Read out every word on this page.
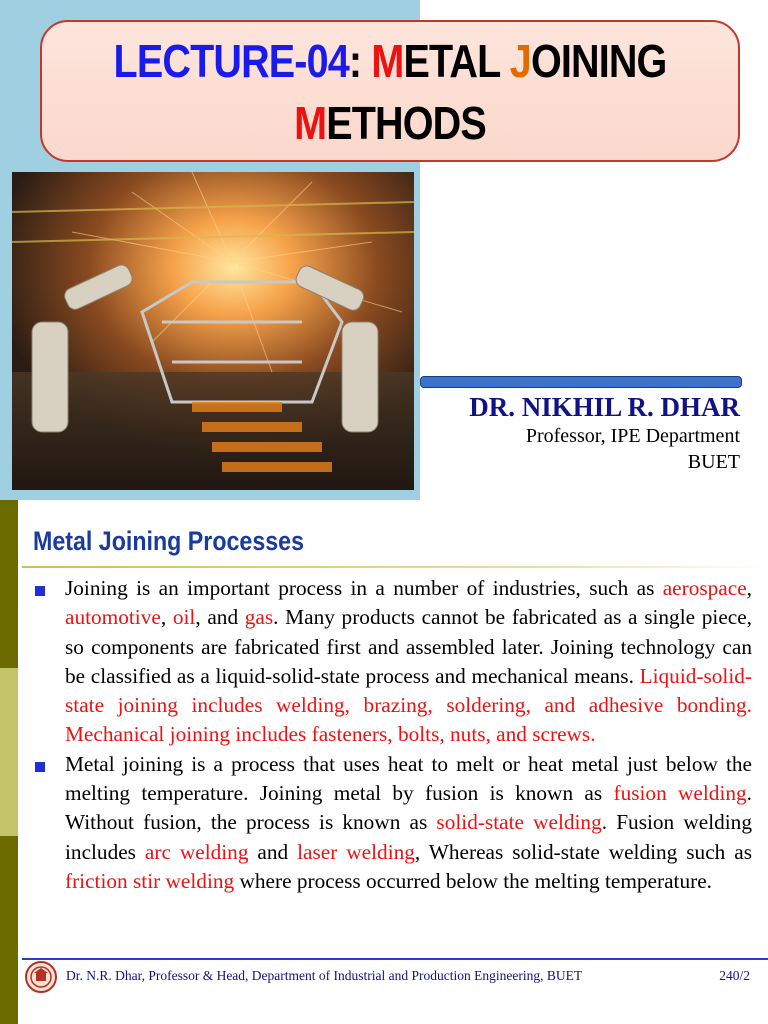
LECTURE-04: METAL JOINING
METHODS
DR. NIKHIL R. DHAR
Professor, IPE Department
BUET
Metal Joining Processes
Joining is an important process in a number of industries, such as aerospace, automotive, oil, and gas. Many products cannot be fabricated as a single piece, so components are fabricated first and assembled later. Joining technology can be classified as a liquid-solid-state process and mechanical means. Liquid-solid-state joining includes welding, brazing, soldering, and adhesive bonding. Mechanical joining includes fasteners, bolts, nuts, and screws.
Metal joining is a process that uses heat to melt or heat metal just below the melting temperature. Joining metal by fusion is known as fusion welding. Without fusion, the process is known as solid-state welding. Fusion welding includes arc welding and laser welding, Whereas solid-state welding such as friction stir welding where process occurred below the melting temperature.
Dr. N.R. Dhar, Professor & Head, Department of Industrial and Production Engineering, BUET	240/2
